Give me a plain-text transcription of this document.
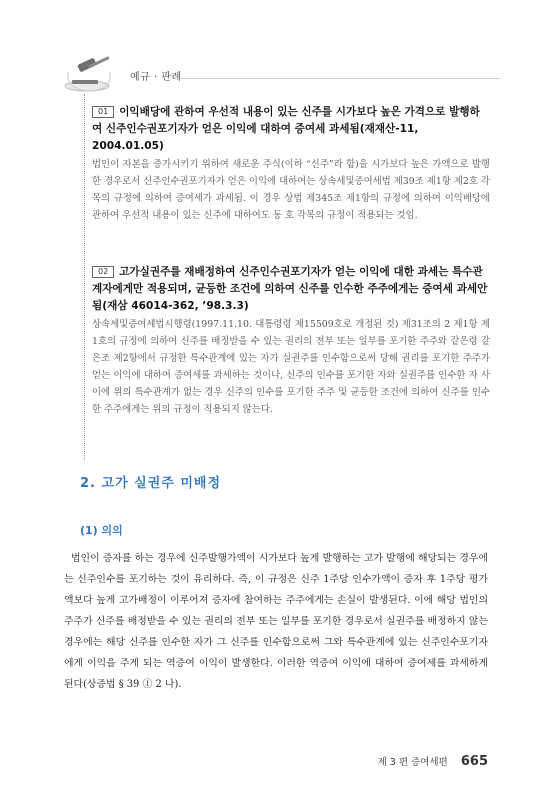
예규 · 판례

01 이익배당에 관하여 우선적 내용이 있는 신주를 시가보다 높은 가격으로 발행하여 신주인수권포기자가 얻은 이익에 대하여 증여세 과세됨(재재산-11, 2004.01.05)

법인이 자본을 증가시키기 위하여 새로운 주식(이하 “신주”라 함)을 시가보다 높은 가액으로 발행한 경우로서 신주인수권포기자가 얻은 이익에 대하여는 상속세및증여세법 제39조 제1항 제2호 각목의 규정에 의하여 증여세가 과세됨. 이 경우 상법 제345조 제1항의 규정에 의하여 이익배당에 관하여 우선적 내용이 있는 신주에 대하여도 동 호 각목의 규정이 적용되는 것임.

02 고가실권주를 재배정하여 신주인수권포기자가 얻는 이익에 대한 과세는 특수관계자에게만 적용되며, 균등한 조건에 의하여 신주를 인수한 주주에게는 증여세 과세안됨(재삼 46014-362, ’98.3.3)

상속세및증여세법시행령(1997.11.10. 대통령령 제15509호로 개정된 것) 제31조의 2 제1항 제1호의 규정에 의하여 신주를 배정받을 수 있는 권리의 전부 또는 일부를 포기한 주주와 같은령 같은조 제2항에서 규정한 특수관계에 있는 자가 실권주를 인수함으로써 당해 권리를 포기한 주주가 얻는 이익에 대하여 증여세를 과세하는 것이나, 신주의 인수를 포기한 자와 실권주를 인수한 자 사이에 위의 특수관계가 없는 경우 신주의 인수를 포기한 주주 및 균등한 조건에 의하여 신주를 인수한 주주에게는 위의 규정이 적용되지 않는다.

2. 고가 실권주 미배정
(1) 의의

법인이 증자를 하는 경우에 신주발행가액이 시가보다 높게 발행하는 고가 발행에 해당되는 경우에는 신주인수를 포기하는 것이 유리하다. 즉, 이 규정은 신주 1주당 인수가액이 증자 후 1주당 평가액보다 높게 고가배정이 이루어져 증자에 참여하는 주주에게는 손실이 발생된다. 이에 해당 법인의 주주가 신주를 배정받을 수 있는 권리의 전부 또는 일부를 포기한 경우로서 실권주를 배정하지 않는 경우에는 해당 신주를 인수한 자가 그 신주를 인수함으로써 그와 특수관계에 있는 신주인수포기자에게 이익을 주게 되는 역증여 이익이 발생한다. 이러한 역증여 이익에 대하여 증여세를 과세하게 된다(상증법 § 39 ① 2 나).

제 3 편 증여세편 665
